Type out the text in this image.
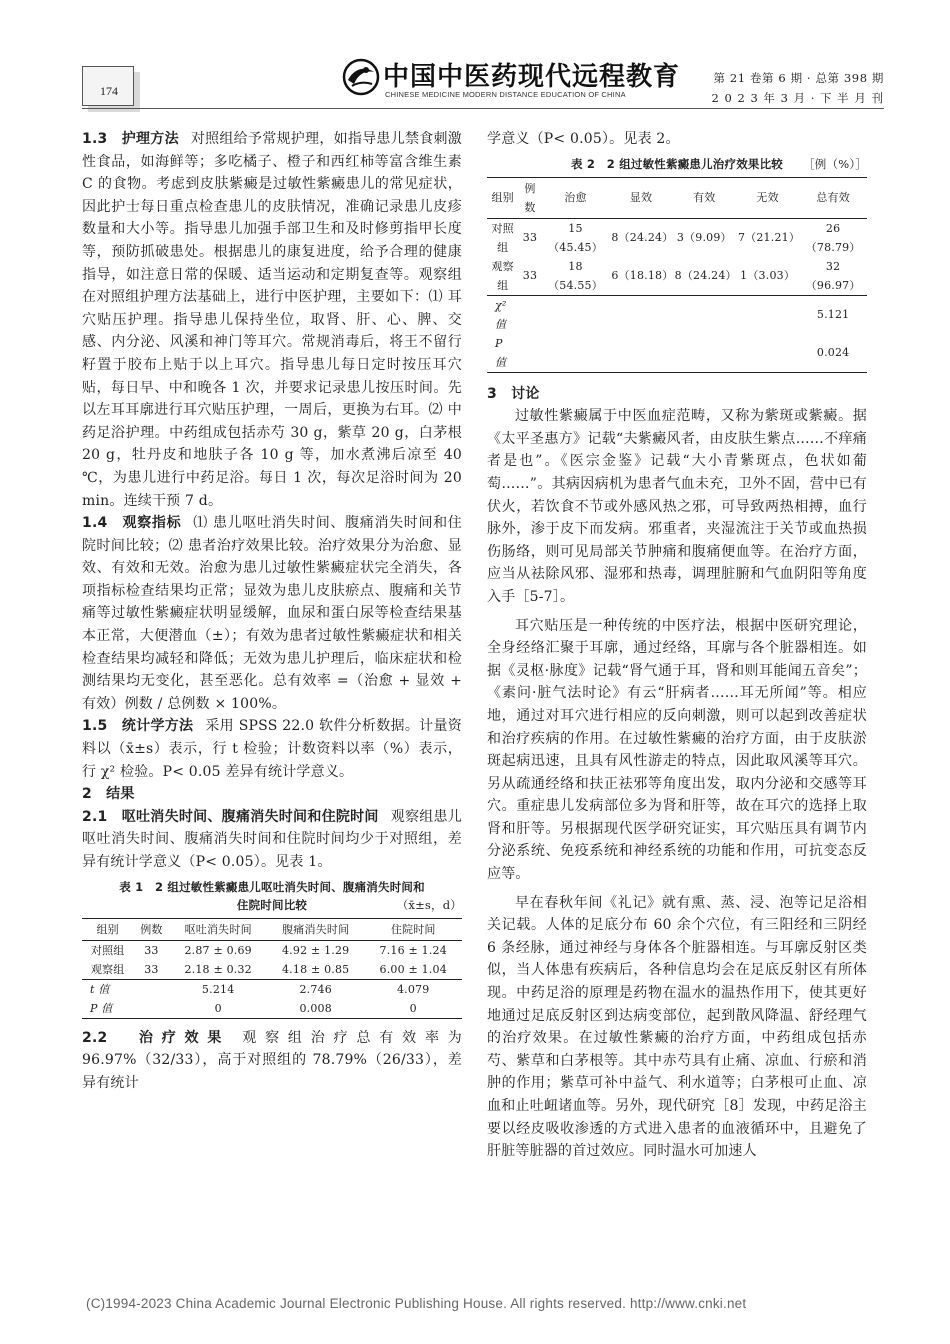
174	中国中医药现代远程教育
CHINESE MEDICINE MODERN DISTANCE EDUCATION OF CHINA
第 21 卷第 6 期 · 总第 398 期
2 0 2 3 年 3 月 · 下 半 月 刊

1.3　护理方法 对照组给予常规护理，如指导患儿禁食刺激性食品，如海鲜等；多吃橘子、橙子和西红柿等富含维生素 C 的食物。考虑到皮肤紫癜是过敏性紫癜患儿的常见症状，因此护士每日重点检查患儿的皮肤情况，准确记录患儿皮疹数量和大小等。指导患儿加强手部卫生和及时修剪指甲长度等，预防抓破患处。根据患儿的康复进度，给予合理的健康指导，如注意日常的保暖、适当运动和定期复查等。观察组在对照组护理方法基础上，进行中医护理，主要如下：⑴ 耳穴贴压护理。指导患儿保持坐位，取肾、肝、心、脾、交感、内分泌、风溪和神门等耳穴。常规消毒后，将王不留行籽置于胶布上贴于以上耳穴。指导患儿每日定时按压耳穴贴，每日早、中和晚各 1 次，并要求记录患儿按压时间。先以左耳耳廓进行耳穴贴压护理，一周后，更换为右耳。⑵ 中药足浴护理。中药组成包括赤芍 30 g，紫草 20 g，白茅根 20 g，牡丹皮和地肤子各 10 g 等，加水煮沸后凉至 40 ℃，为患儿进行中药足浴。每日 1 次，每次足浴时间为 20 min。连续干预 7 d。

1.4　观察指标 ⑴ 患儿呕吐消失时间、腹痛消失时间和住院时间比较；⑵ 患者治疗效果比较。治疗效果分为治愈、显效、有效和无效。治愈为患儿过敏性紫癜症状完全消失，各项指标检查结果均正常；显效为患儿皮肤瘀点、腹痛和关节痛等过敏性紫癜症状明显缓解，血尿和蛋白尿等检查结果基本正常，大便潜血（±）；有效为患者过敏性紫癜症状和相关检查结果均减轻和降低；无效为患儿护理后，临床症状和检测结果均无变化，甚至恶化。总有效率 =（治愈 + 显效 + 有效）例数 / 总例数 × 100%。

1.5　统计学方法 采用 SPSS 22.0 软件分析数据。计量资料以（x̄±s）表示，行 t 检验；计数资料以率（%）表示，行 χ² 检验。P< 0.05 差异有统计学意义。

2　结果

2.1　呕吐消失时间、腹痛消失时间和住院时间 观察组患儿呕吐消失时间、腹痛消失时间和住院时间均少于对照组，差异有统计学意义（P< 0.05）。见表 1。

表 1　2 组过敏性紫癜患儿呕吐消失时间、腹痛消失时间和
住院时间比较	（x̄±s，d）
组别	例数	呕吐消失时间	腹痛消失时间	住院时间
对照组	33	2.87 ± 0.69	4.92 ± 1.29	7.16 ± 1.24
观察组	33	2.18 ± 0.32	4.18 ± 0.85	6.00 ± 1.04
t 值		5.214	2.746	4.079
P 值		0	0.008	0

2.2　治疗效果 观察组治疗总有效率为 96.97%（32/33），高于对照组的 78.79%（26/33），差异有统计

学意义（P< 0.05）。见表 2。

表 2　2 组过敏性紫癜患儿治疗效果比较 ［例（%）］
组别	例数	治愈	显效	有效	无效	总有效
对照组	33	15（45.45）	8（24.24）	3（9.09）	7（21.21）	26（78.79）
观察组	33	18（54.55）	6（18.18）	8（24.24）	1（3.03）	32（96.97）
χ² 值						5.121
P 值						0.024

3　讨论

过敏性紫癜属于中医血症范畴，又称为紫斑或紫癜。据《太平圣惠方》记载“夫紫癜风者，由皮肤生紫点……不痒痛者是也”。《医宗金鉴》记载“大小青紫斑点，色状如葡萄……”。其病因病机为患者气血未充，卫外不固，营中已有伏火，若饮食不节或外感风热之邪，可导致两热相搏，血行脉外，渗于皮下而发病。邪重者，夹湿流注于关节或血热损伤肠络，则可见局部关节肿痛和腹痛便血等。在治疗方面，应当从祛除风邪、湿邪和热毒，调理脏腑和气血阴阳等角度入手［5-7］。

耳穴贴压是一种传统的中医疗法，根据中医研究理论，全身经络汇聚于耳廓，通过经络，耳廓与各个脏器相连。如据《灵枢·脉度》记载“肾气通于耳，肾和则耳能闻五音矣”；《素问·脏气法时论》有云“肝病者……耳无所闻”等。相应地，通过对耳穴进行相应的反向刺激，则可以起到改善症状和治疗疾病的作用。在过敏性紫癜的治疗方面，由于皮肤淤斑起病迅速，且具有风性游走的特点，因此取风溪等耳穴。另从疏通经络和扶正祛邪等角度出发，取内分泌和交感等耳穴。重症患儿发病部位多为肾和肝等，故在耳穴的选择上取肾和肝等。另根据现代医学研究证实，耳穴贴压具有调节内分泌系统、免疫系统和神经系统的功能和作用，可抗变态反应等。

早在春秋年间《礼记》就有熏、蒸、浸、泡等记足浴相关记载。人体的足底分布 60 余个穴位，有三阳经和三阴经 6 条经脉，通过神经与身体各个脏器相连。与耳廓反射区类似，当人体患有疾病后，各种信息均会在足底反射区有所体现。中药足浴的原理是药物在温水的温热作用下，使其更好地通过足底反射区到达病变部位，起到散风降温、舒经理气的治疗效果。在过敏性紫癜的治疗方面，中药组成包括赤芍、紫草和白茅根等。其中赤芍具有止痛、凉血、行瘀和消肿的作用；紫草可补中益气、利水道等；白茅根可止血、凉血和止吐衄诸血等。另外，现代研究［8］发现，中药足浴主要以经皮吸收渗透的方式进入患者的血液循环中，且避免了肝脏等脏器的首过效应。同时温水可加速人

(C)1994-2023 China Academic Journal Electronic Publishing House. All rights reserved. http://www.cnki.net
